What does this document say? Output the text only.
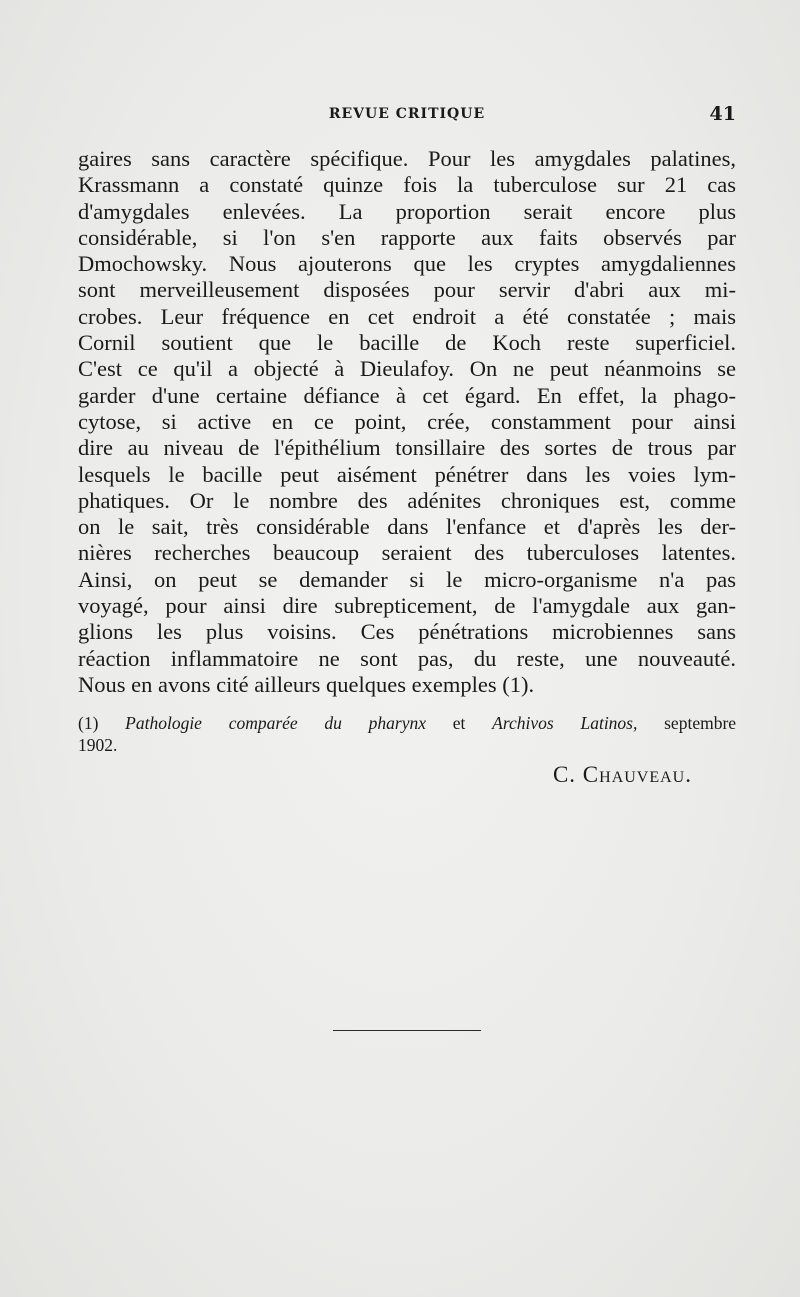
REVUE CRITIQUE	41
gaires sans caractère spécifique. Pour les amygdales palatines,
Krassmann a constaté quinze fois la tuberculose sur 21 cas
d'amygdales enlevées. La proportion serait encore plus
considérable, si l'on s'en rapporte aux faits observés par
Dmochowsky. Nous ajouterons que les cryptes amygdaliennes
sont merveilleusement disposées pour servir d'abri aux mi-
crobes. Leur fréquence en cet endroit a été constatée ; mais
Cornil soutient que le bacille de Koch reste superficiel.
C'est ce qu'il a objecté à Dieulafoy. On ne peut néanmoins se
garder d'une certaine défiance à cet égard. En effet, la phago-
cytose, si active en ce point, crée, constamment pour ainsi
dire au niveau de l'épithélium tonsillaire des sortes de trous par
lesquels le bacille peut aisément pénétrer dans les voies lym-
phatiques. Or le nombre des adénites chroniques est, comme
on le sait, très considérable dans l'enfance et d'après les der-
nières recherches beaucoup seraient des tuberculoses latentes.
Ainsi, on peut se demander si le micro-organisme n'a pas
voyagé, pour ainsi dire subrepticement, de l'amygdale aux gan-
glions les plus voisins. Ces pénétrations microbiennes sans
réaction inflammatoire ne sont pas, du reste, une nouveauté.
Nous en avons cité ailleurs quelques exemples (1).
(1) Pathologie comparée du pharynx et Archivos Latinos, septembre
1902.
C. Chauveau.
